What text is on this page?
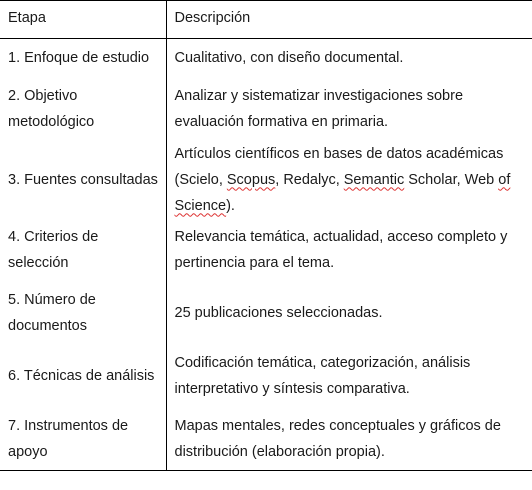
Etapa	Descripción
1. Enfoque de estudio	Cualitativo, con diseño documental.
2. Objetivo metodológico	Analizar y sistematizar investigaciones sobre evaluación formativa en primaria.
3. Fuentes consultadas	Artículos científicos en bases de datos académicas (Scielo, Scopus, Redalyc, Semantic Scholar, Web of Science).
4. Criterios de selección	Relevancia temática, actualidad, acceso completo y pertinencia para el tema.
5. Número de documentos	25 publicaciones seleccionadas.
6. Técnicas de análisis	Codificación temática, categorización, análisis interpretativo y síntesis comparativa.
7. Instrumentos de apoyo	Mapas mentales, redes conceptuales y gráficos de distribución (elaboración propia).
